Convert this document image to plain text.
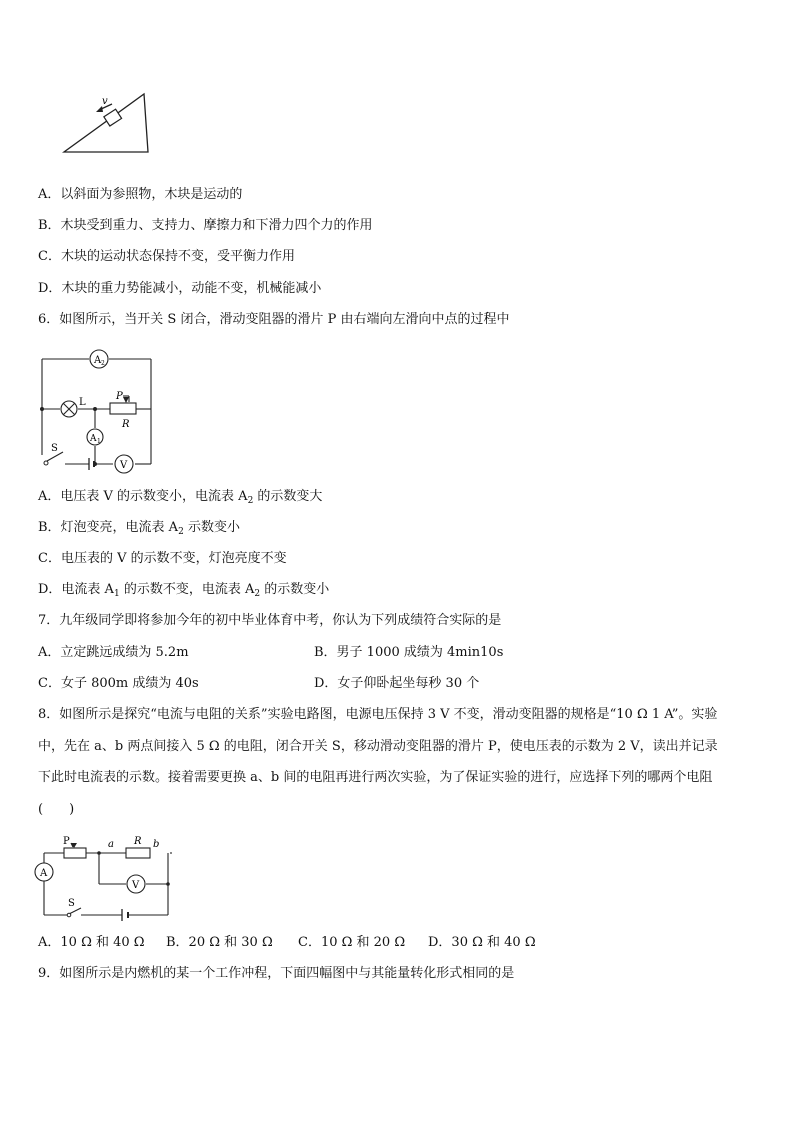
v
A．以斜面为参照物，木块是运动的
B．木块受到重力、支持力、摩擦力和下滑力四个力的作用
C．木块的运动状态保持不变，受平衡力作用
D．木块的重力势能减小，动能不变，机械能减小
6．如图所示，当开关 S 闭合，滑动变阻器的滑片 P 由右端向左滑向中点的过程中
A 2
L
P
R
A 1
V
S
A．电压表 V 的示数变小，电流表 $A_2$ 的示数变大
B．灯泡变亮，电流表 $A_2$ 示数变小
C．电压表的 V 的示数不变，灯泡亮度不变
D．电流表 $A_1$ 的示数不变，电流表 $A_2$ 的示数变小
7．九年级同学即将参加今年的初中毕业体育中考，你认为下列成绩符合实际的是
A．立定跳远成绩为 5.2m	B．男子 1000 成绩为 4min10s
C．女子 800m 成绩为 40s	D．女子仰卧起坐每秒 30 个
8．如图所示是探究“电流与电阻的关系”实验电路图，电源电压保持 3 V 不变，滑动变阻器的规格是“10 Ω 1 A”。实验
中，先在 a、b 两点间接入 5 Ω 的电阻，闭合开关 S，移动滑动变阻器的滑片 P，使电压表的示数为 2 V，读出并记录
下此时电流表的示数。接着需要更换 a、b 间的电阻再进行两次实验，为了保证实验的进行，应选择下列的哪两个电阻
(　　)
P	R
a	b
A
V
S
A．10 Ω 和 40 Ω B．20 Ω 和 30 Ω C．10 Ω 和 20 Ω D．30 Ω 和 40 Ω
9．如图所示是内燃机的某一个工作冲程，下面四幅图中与其能量转化形式相同的是
